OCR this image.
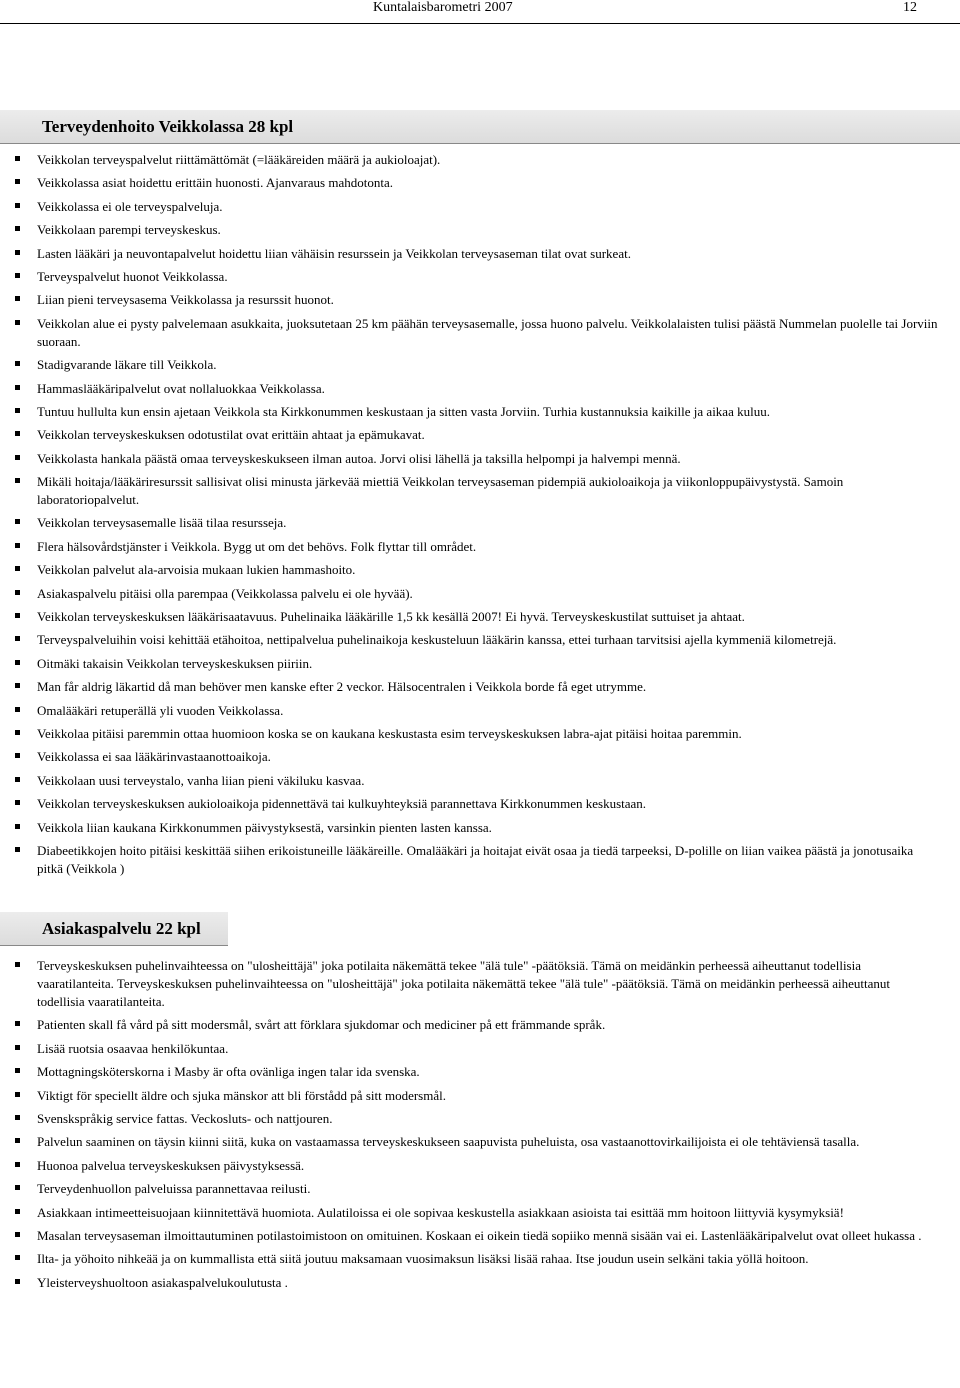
Kuntalaisbarometri 2007	12
Terveydenhoito Veikkolassa 28 kpl
Veikkolan terveyspalvelut riittämättömät (=lääkäreiden määrä ja aukioloajat).
Veikkolassa asiat hoidettu erittäin huonosti. Ajanvaraus mahdotonta.
Veikkolassa ei ole terveyspalveluja.
Veikkolaan parempi terveyskeskus.
Lasten lääkäri ja neuvontapalvelut hoidettu liian vähäisin resurssein ja Veikkolan terveysaseman tilat ovat surkeat.
Terveyspalvelut huonot Veikkolassa.
Liian pieni terveysasema Veikkolassa ja resurssit huonot.
Veikkolan alue ei pysty palvelemaan asukkaita, juoksutetaan 25 km päähän terveysasemalle, jossa huono palvelu. Veikkolalaisten tulisi päästä Nummelan puolelle tai Jorviin suoraan.
Stadigvarande läkare till Veikkola.
Hammaslääkäripalvelut ovat nollaluokkaa Veikkolassa.
Tuntuu hullulta kun ensin ajetaan Veikkola sta Kirkkonummen keskustaan ja sitten vasta Jorviin. Turhia kustannuksia kaikille ja aikaa kuluu.
Veikkolan terveyskeskuksen odotustilat ovat erittäin ahtaat ja epämukavat.
Veikkolasta hankala päästä omaa terveyskeskukseen ilman autoa. Jorvi olisi lähellä ja taksilla helpompi ja halvempi mennä.
Mikäli hoitaja/lääkäriresurssit sallisivat olisi minusta järkevää miettiä Veikkolan terveysaseman pidempiä aukioloaikoja ja viikonloppupäivystystä. Samoin laboratoriopalvelut.
Veikkolan terveysasemalle lisää tilaa resursseja.
Flera hälsovårdstjänster i Veikkola. Bygg ut om det behövs. Folk flyttar till området.
Veikkolan palvelut ala-arvoisia mukaan lukien hammashoito.
Asiakaspalvelu pitäisi olla parempaa (Veikkolassa palvelu ei ole hyvää).
Veikkolan terveyskeskuksen lääkärisaatavuus. Puhelinaika lääkärille 1,5 kk kesällä 2007! Ei hyvä. Terveyskeskustilat suttuiset ja ahtaat.
Terveyspalveluihin voisi kehittää etähoitoa, nettipalvelua puhelinaikoja keskusteluun lääkärin kanssa, ettei turhaan tarvitsisi ajella kymmeniä kilometrejä.
Oitmäki takaisin Veikkolan terveyskeskuksen piiriin.
Man får aldrig läkartid då man behöver men kanske efter 2 veckor. Hälsocentralen i Veikkola borde få eget utrymme.
Omalääkäri retuperällä yli vuoden Veikkolassa.
Veikkolaa pitäisi paremmin ottaa huomioon koska se on kaukana keskustasta esim terveyskeskuksen labra-ajat pitäisi hoitaa paremmin.
Veikkolassa ei saa lääkärinvastaanottoaikoja.
Veikkolaan uusi terveystalo, vanha liian pieni väkiluku kasvaa.
Veikkolan terveyskeskuksen aukioloaikoja pidennettävä tai kulkuyhteyksiä parannettava Kirkkonummen keskustaan.
Veikkola liian kaukana Kirkkonummen päivystyksestä, varsinkin pienten lasten kanssa.
Diabeetikkojen hoito pitäisi keskittää siihen erikoistuneille lääkäreille. Omalääkäri ja hoitajat eivät osaa ja tiedä tarpeeksi, D-polille on liian vaikea päästä ja jonotusaika pitkä (Veikkola )
Asiakaspalvelu 22 kpl
Terveyskeskuksen puhelinvaihteessa on "ulosheittäjä" joka potilaita näkemättä tekee "älä tule" -päätöksiä. Tämä on meidänkin perheessä aiheuttanut todellisia vaaratilanteita. Terveyskeskuksen puhelinvaihteessa on "ulosheittäjä" joka potilaita näkemättä tekee "älä tule" -päätöksiä. Tämä on meidänkin perheessä aiheuttanut todellisia vaaratilanteita.
Patienten skall få vård på sitt modersmål, svårt att förklara sjukdomar och mediciner på ett främmande språk.
Lisää ruotsia osaavaa henkilökuntaa.
Mottagningsköterskorna i Masby är ofta ovänliga ingen talar ida svenska.
Viktigt för speciellt äldre och sjuka mänskor att bli förstådd på sitt modersmål.
Svenskspråkig service fattas. Veckosluts- och nattjouren.
Palvelun saaminen on täysin kiinni siitä, kuka on vastaamassa terveyskeskukseen saapuvista puheluista, osa vastaanottovirkailijoista ei ole tehtäviensä tasalla.
Huonoa palvelua terveyskeskuksen päivystyksessä.
Terveydenhuollon palveluissa parannettavaa reilusti.
Asiakkaan intimeetteisuojaan kiinnitettävä huomiota. Aulatiloissa ei ole sopivaa keskustella asiakkaan asioista tai esittää mm hoitoon liittyviä kysymyksiä!
Masalan terveysaseman ilmoittautuminen potilastoimistoon on omituinen. Koskaan ei oikein tiedä sopiiko mennä sisään vai ei. Lastenlääkäripalvelut ovat olleet hukassa .
Ilta- ja yöhoito nihkeää ja on kummallista että siitä joutuu maksamaan vuosimaksun lisäksi lisää rahaa. Itse joudun usein selkäni takia yöllä hoitoon.
Yleisterveyshuoltoon asiakaspalvelukoulutusta .
